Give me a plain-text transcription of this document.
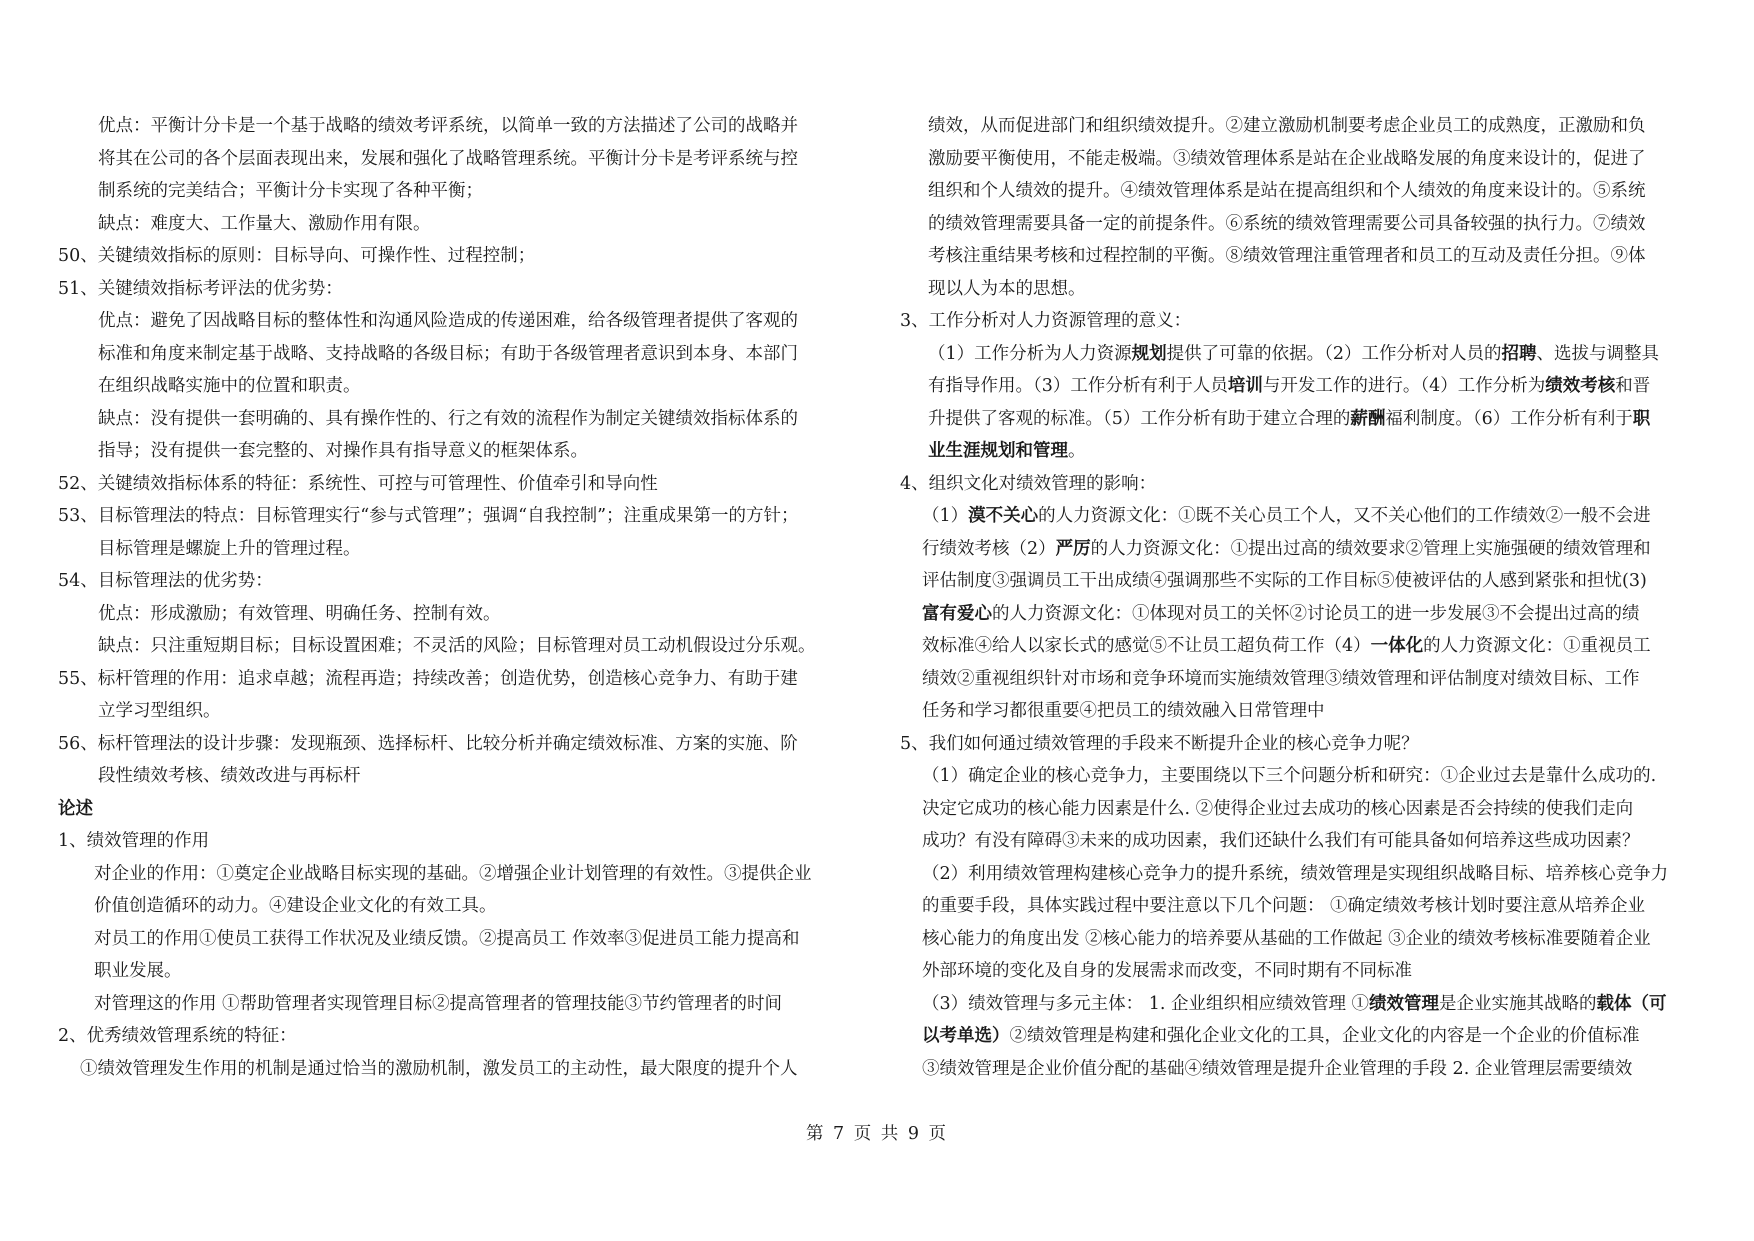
优点：平衡计分卡是一个基于战略的绩效考评系统，以简单一致的方法描述了公司的战略并
将其在公司的各个层面表现出来，发展和强化了战略管理系统。平衡计分卡是考评系统与控
制系统的完美结合；平衡计分卡实现了各种平衡；
缺点：难度大、工作量大、激励作用有限。
50、关键绩效指标的原则：目标导向、可操作性、过程控制；
51、关键绩效指标考评法的优劣势：
优点：避免了因战略目标的整体性和沟通风险造成的传递困难，给各级管理者提供了客观的
标准和角度来制定基于战略、支持战略的各级目标；有助于各级管理者意识到本身、本部门
在组织战略实施中的位置和职责。
缺点：没有提供一套明确的、具有操作性的、行之有效的流程作为制定关键绩效指标体系的
指导；没有提供一套完整的、对操作具有指导意义的框架体系。
52、关键绩效指标体系的特征：系统性、可控与可管理性、价值牵引和导向性
53、目标管理法的特点：目标管理实行“参与式管理”；强调“自我控制”；注重成果第一的方针；
目标管理是螺旋上升的管理过程。
54、目标管理法的优劣势：
优点：形成激励；有效管理、明确任务、控制有效。
缺点：只注重短期目标；目标设置困难；不灵活的风险；目标管理对员工动机假设过分乐观。
55、标杆管理的作用：追求卓越；流程再造；持续改善；创造优势，创造核心竞争力、有助于建
立学习型组织。
56、标杆管理法的设计步骤：发现瓶颈、选择标杆、比较分析并确定绩效标准、方案的实施、阶
段性绩效考核、绩效改进与再标杆
论述
1、绩效管理的作用
对企业的作用：①奠定企业战略目标实现的基础。②增强企业计划管理的有效性。③提供企业
价值创造循环的动力。④建设企业文化的有效工具。
对员工的作用①使员工获得工作状况及业绩反馈。②提高员工 作效率③促进员工能力提高和
职业发展。
对管理这的作用 ①帮助管理者实现管理目标②提高管理者的管理技能③节约管理者的时间
2、优秀绩效管理系统的特征：
①绩效管理发生作用的机制是通过恰当的激励机制，激发员工的主动性，最大限度的提升个人
绩效，从而促进部门和组织绩效提升。②建立激励机制要考虑企业员工的成熟度，正激励和负
激励要平衡使用，不能走极端。③绩效管理体系是站在企业战略发展的角度来设计的，促进了
组织和个人绩效的提升。④绩效管理体系是站在提高组织和个人绩效的角度来设计的。⑤系统
的绩效管理需要具备一定的前提条件。⑥系统的绩效管理需要公司具备较强的执行力。⑦绩效
考核注重结果考核和过程控制的平衡。⑧绩效管理注重管理者和员工的互动及责任分担。⑨体
现以人为本的思想。
3、工作分析对人力资源管理的意义：
（1）工作分析为人力资源规划提供了可靠的依据。（2）工作分析对人员的招聘、选拔与调整具
有指导作用。（3）工作分析有利于人员培训与开发工作的进行。（4）工作分析为绩效考核和晋
升提供了客观的标准。（5）工作分析有助于建立合理的薪酬福利制度。（6）工作分析有利于职
业生涯规划和管理。
4、组织文化对绩效管理的影响：
（1）漠不关心的人力资源文化：①既不关心员工个人，又不关心他们的工作绩效②一般不会进
行绩效考核（2）严厉的人力资源文化：①提出过高的绩效要求②管理上实施强硬的绩效管理和
评估制度③强调员工干出成绩④强调那些不实际的工作目标⑤使被评估的人感到紧张和担忧(3)
富有爱心的人力资源文化：①体现对员工的关怀②讨论员工的进一步发展③不会提出过高的绩
效标准④给人以家长式的感觉⑤不让员工超负荷工作（4）一体化的人力资源文化：①重视员工
绩效②重视组织针对市场和竞争环境而实施绩效管理③绩效管理和评估制度对绩效目标、工作
任务和学习都很重要④把员工的绩效融入日常管理中
5、我们如何通过绩效管理的手段来不断提升企业的核心竞争力呢？
（1）确定企业的核心竞争力，主要围绕以下三个问题分析和研究：①企业过去是靠什么成功的.
决定它成功的核心能力因素是什么. ②使得企业过去成功的核心因素是否会持续的使我们走向
成功？有没有障碍③未来的成功因素，我们还缺什么我们有可能具备如何培养这些成功因素？
（2）利用绩效管理构建核心竞争力的提升系统，绩效管理是实现组织战略目标、培养核心竞争力
的重要手段，具体实践过程中要注意以下几个问题： ①确定绩效考核计划时要注意从培养企业
核心能力的角度出发 ②核心能力的培养要从基础的工作做起 ③企业的绩效考核标准要随着企业
外部环境的变化及自身的发展需求而改变，不同时期有不同标准
（3）绩效管理与多元主体： 1. 企业组织相应绩效管理 ①绩效管理是企业实施其战略的载体（可
以考单选）②绩效管理是构建和强化企业文化的工具，企业文化的内容是一个企业的价值标准
③绩效管理是企业价值分配的基础④绩效管理是提升企业管理的手段 2. 企业管理层需要绩效
第 7 页 共 9 页
